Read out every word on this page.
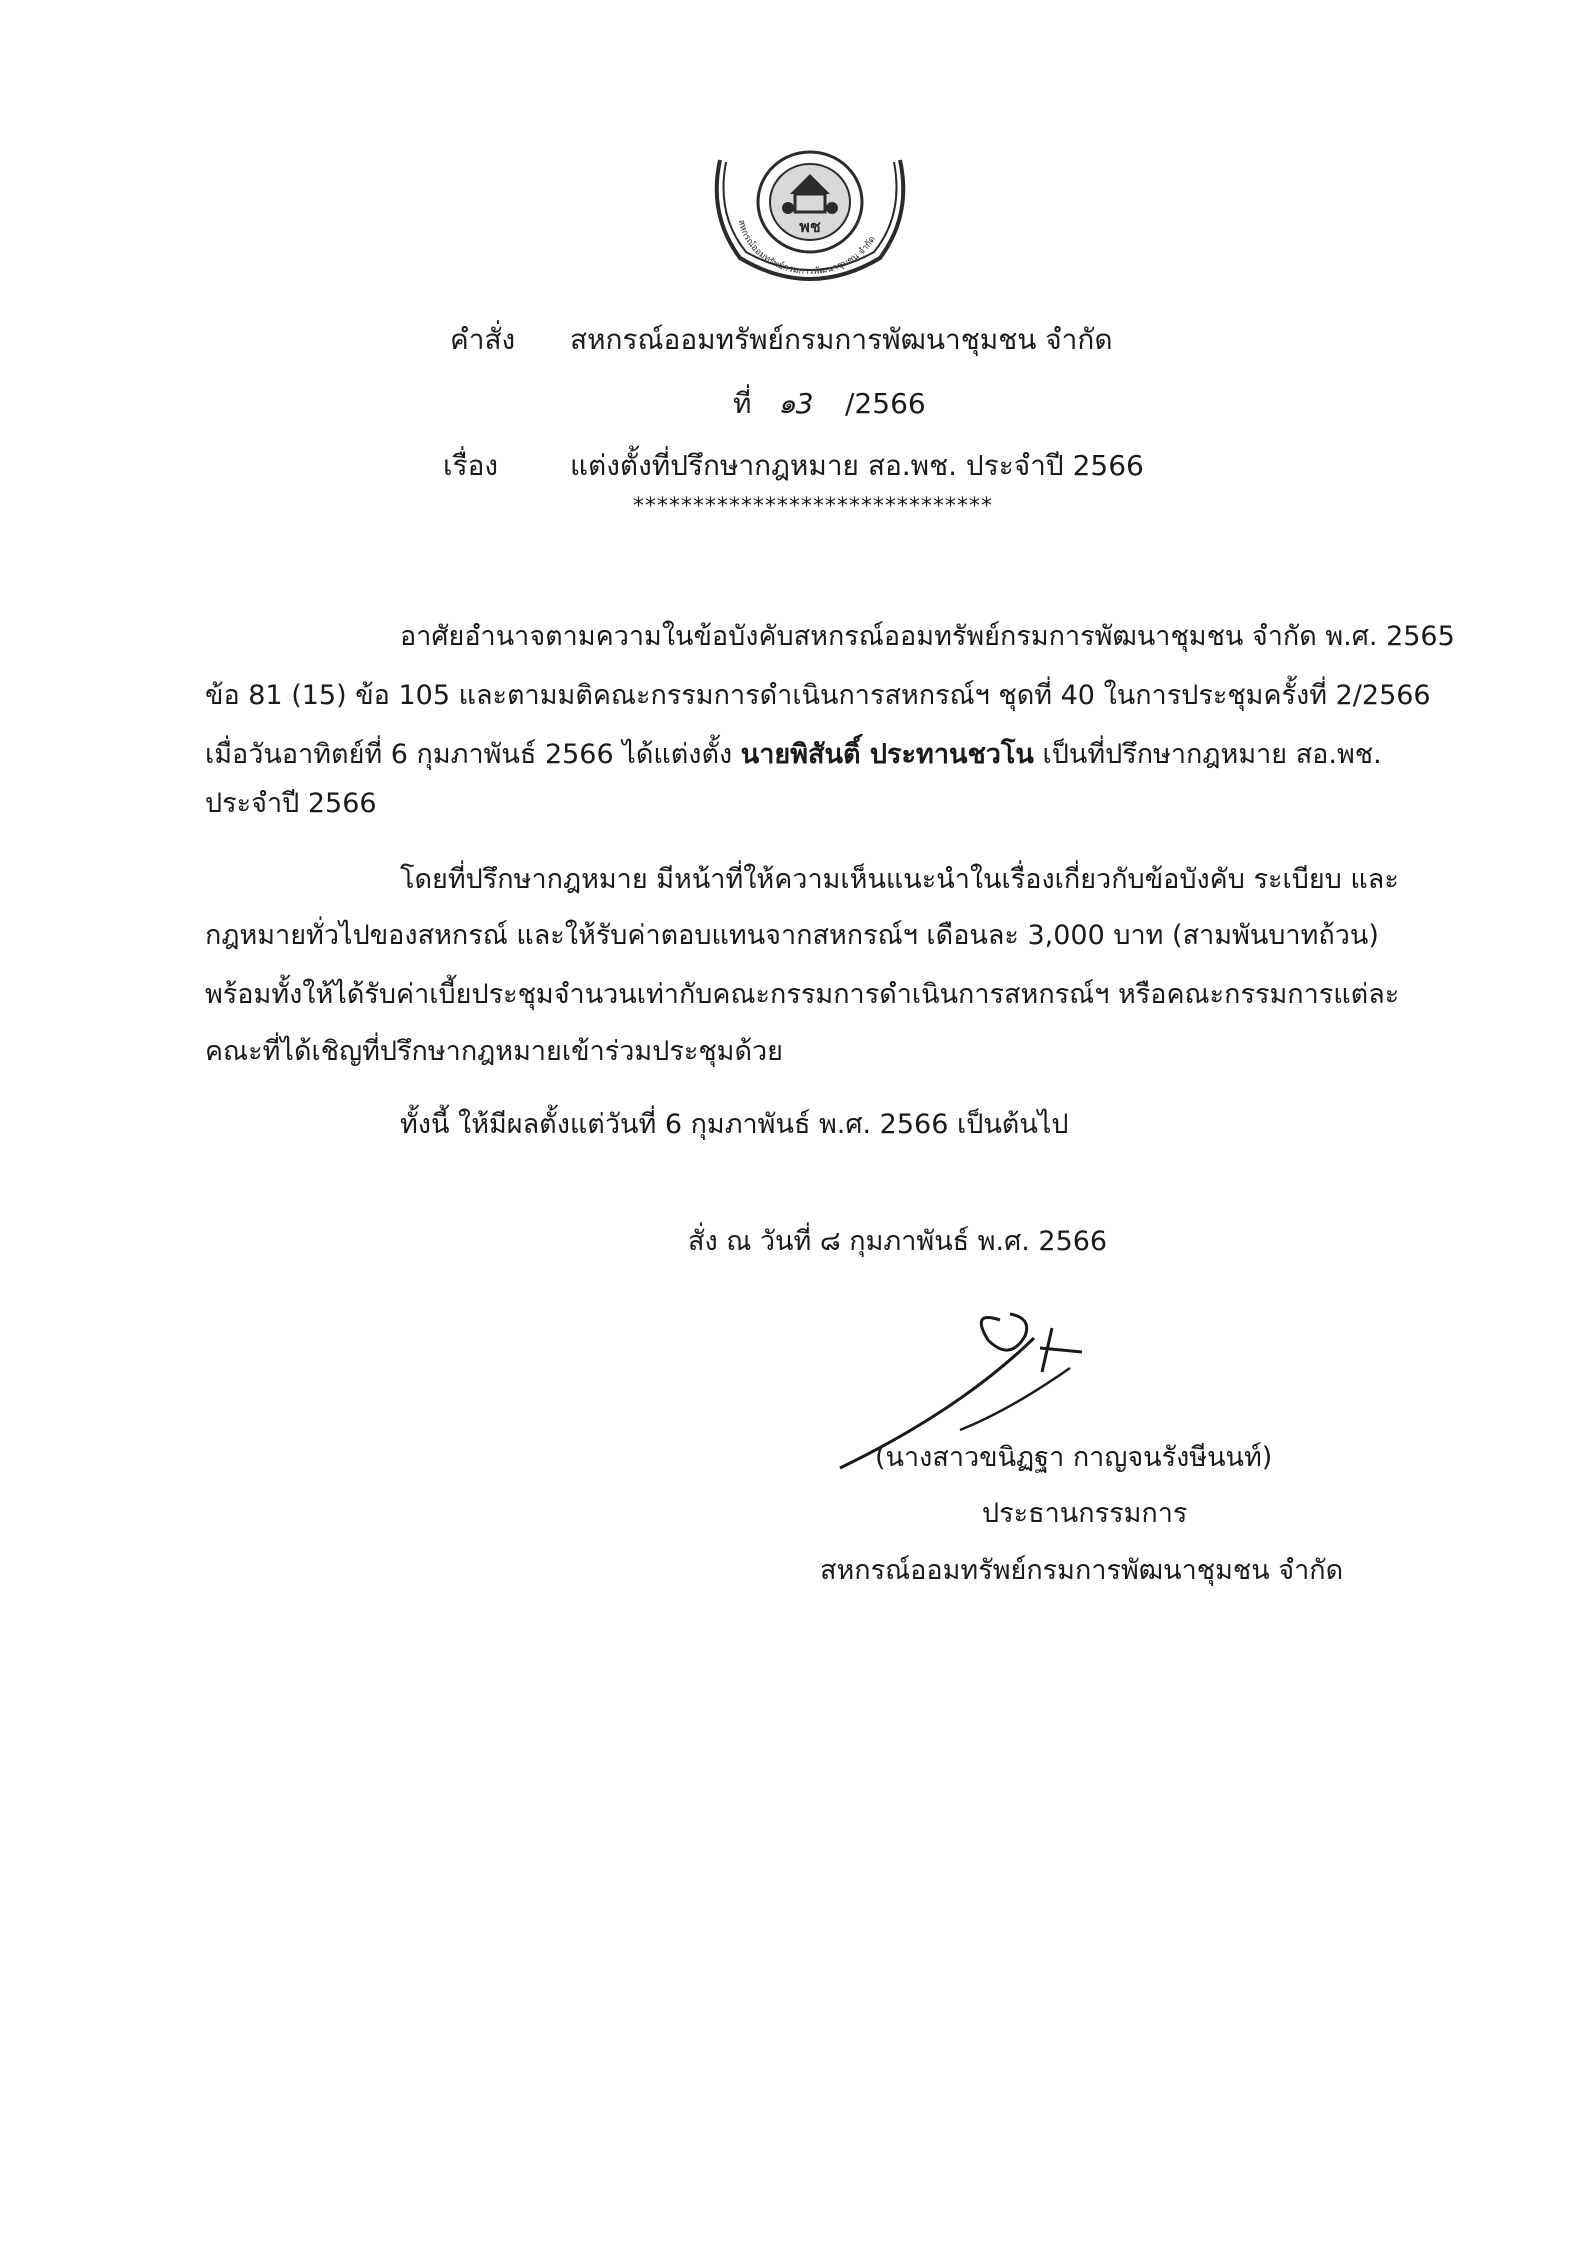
พช
สหกรณ์ออมทรัพย์กรมการพัฒนาชุมชน จำกัด
คำสั่ง สหกรณ์ออมทรัพย์กรมการพัฒนาชุมชน จำกัด
ที่ ๑3 /2566
เรื่อง	แต่งตั้งที่ปรึกษากฎหมาย สอ.พช. ประจำปี 2566
******************************
อาศัยอำนาจตามความในข้อบังคับสหกรณ์ออมทรัพย์กรมการพัฒนาชุมชน จำกัด พ.ศ. 2565
ข้อ 81 (15) ข้อ 105 และตามมติคณะกรรมการดำเนินการสหกรณ์ฯ ชุดที่ 40 ในการประชุมครั้งที่ 2/2566
เมื่อวันอาทิตย์ที่ 6 กุมภาพันธ์ 2566 ได้แต่งตั้ง นายพิสันติ์ ประทานชวโน เป็นที่ปรึกษากฎหมาย สอ.พช.
ประจำปี 2566
โดยที่ปรึกษากฎหมาย มีหน้าที่ให้ความเห็นแนะนำในเรื่องเกี่ยวกับข้อบังคับ ระเบียบ และ
กฎหมายทั่วไปของสหกรณ์ และให้รับค่าตอบแทนจากสหกรณ์ฯ เดือนละ 3,000 บาท (สามพันบาทถ้วน)
พร้อมทั้งให้ได้รับค่าเบี้ยประชุมจำนวนเท่ากับคณะกรรมการดำเนินการสหกรณ์ฯ หรือคณะกรรมการแต่ละ
คณะที่ได้เชิญที่ปรึกษากฎหมายเข้าร่วมประชุมด้วย
ทั้งนี้ ให้มีผลตั้งแต่วันที่ 6 กุมภาพันธ์ พ.ศ. 2566 เป็นต้นไป
สั่ง ณ วันที่ ๘ กุมภาพันธ์ พ.ศ. 2566
(นางสาวขนิฏฐา กาญจนรังษีนนท์)
ประธานกรรมการ
สหกรณ์ออมทรัพย์กรมการพัฒนาชุมชน จำกัด
